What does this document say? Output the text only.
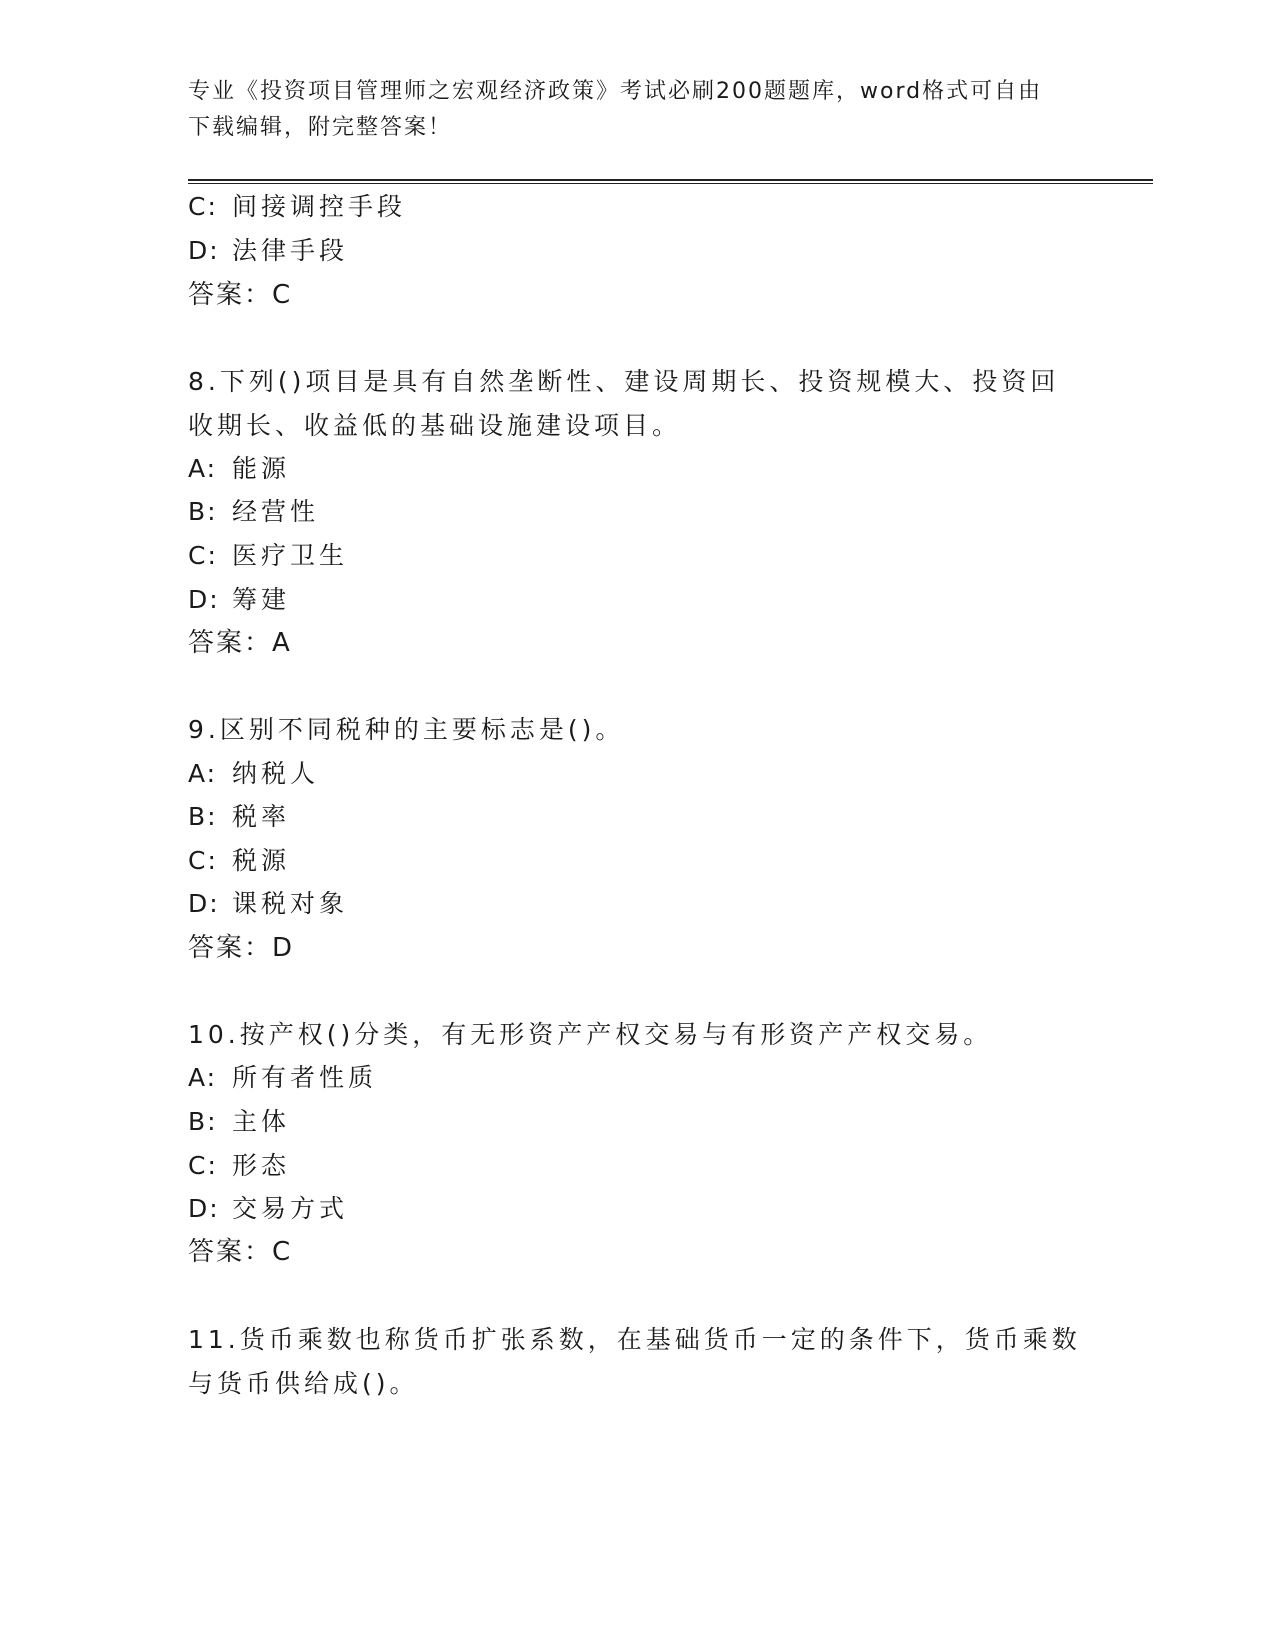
专业《投资项目管理师之宏观经济政策》考试必刷200题题库，word格式可自由
下载编辑，附完整答案！
C: 间接调控手段
D: 法律手段
答案：C
8.下列()项目是具有自然垄断性、建设周期长、投资规模大、投资回
收期长、收益低的基础设施建设项目。
A: 能源
B: 经营性
C: 医疗卫生
D: 筹建
答案：A
9.区别不同税种的主要标志是()。
A: 纳税人
B: 税率
C: 税源
D: 课税对象
答案：D
10.按产权()分类，有无形资产产权交易与有形资产产权交易。
A: 所有者性质
B: 主体
C: 形态
D: 交易方式
答案：C
11.货币乘数也称货币扩张系数，在基础货币一定的条件下，货币乘数
与货币供给成()。
